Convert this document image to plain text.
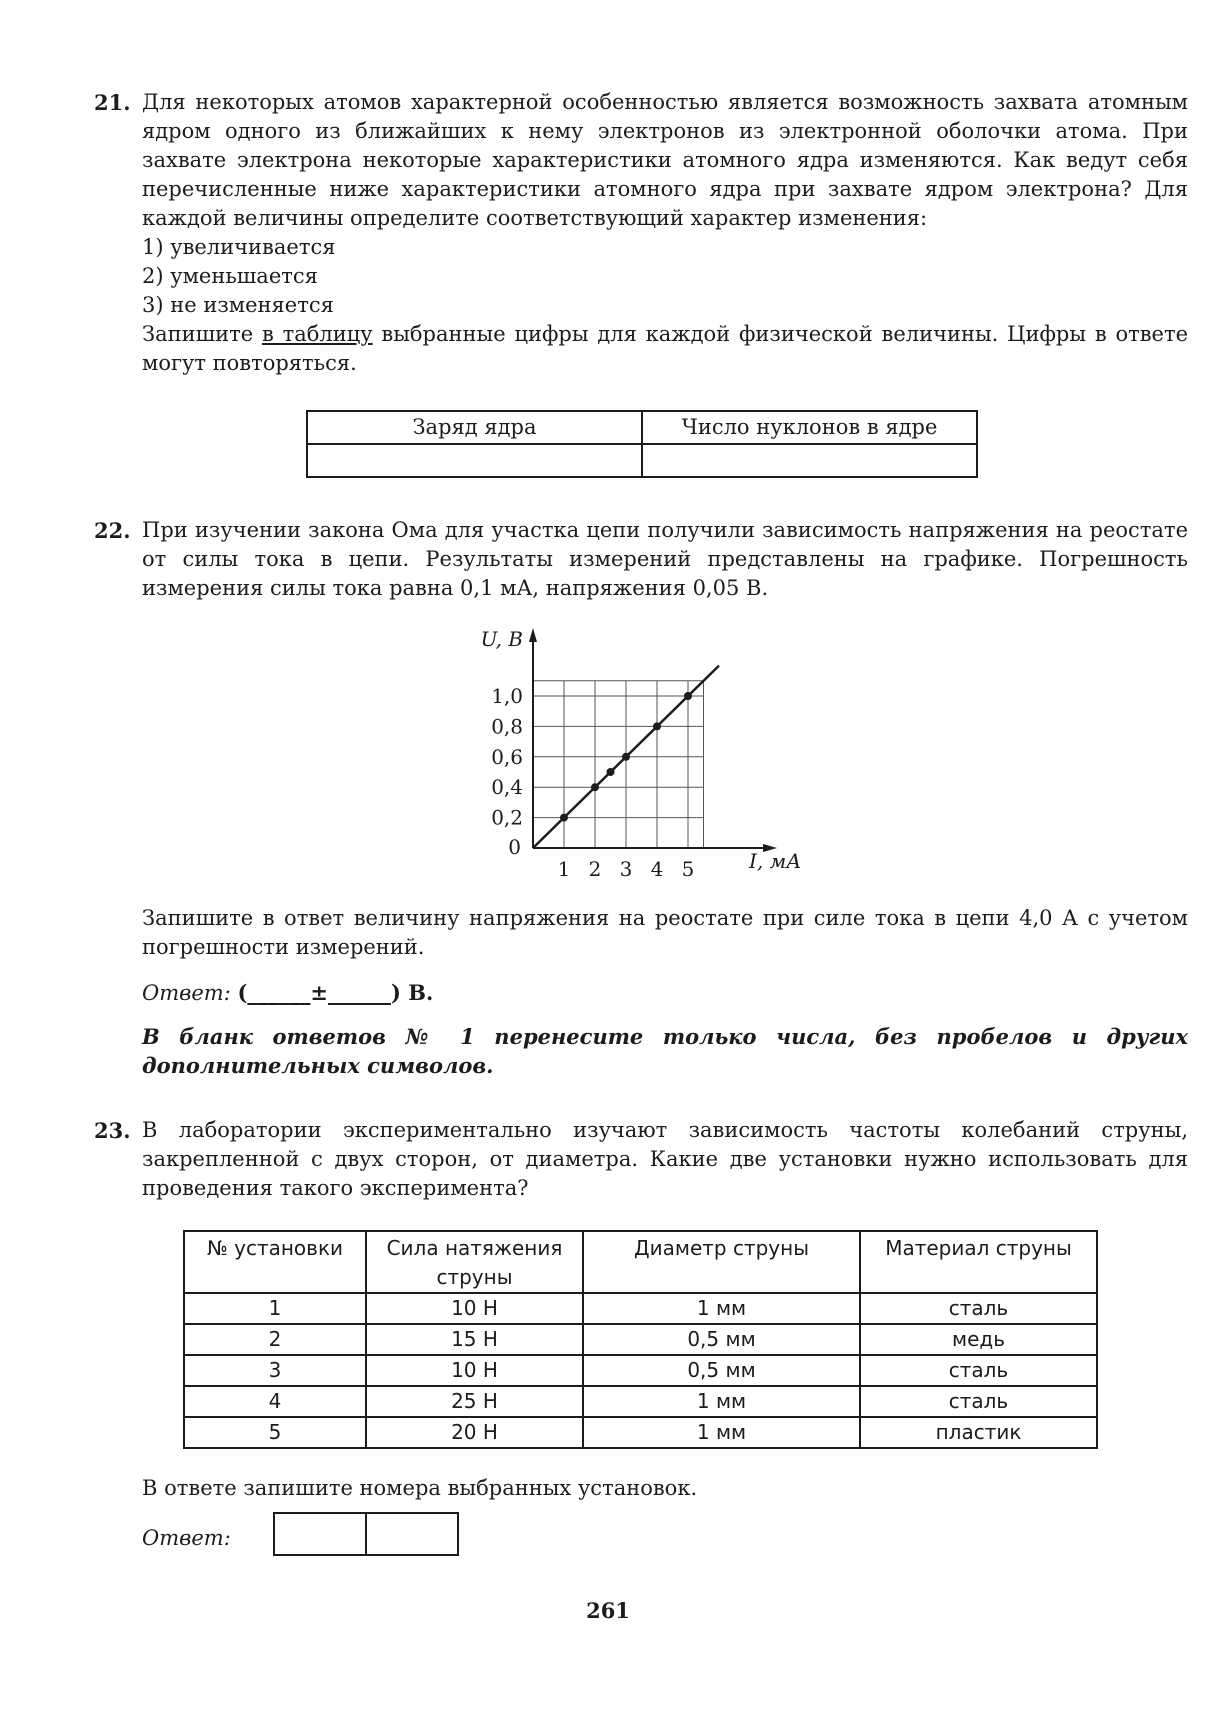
21. Для некоторых атомов характерной особенностью является возможность захвата атомным ядром одного из ближайших к нему электронов из электронной оболочки атома. При захвате электрона некоторые характеристики атомного ядра изменяются. Как ведут себя перечисленные ниже характеристики атомного ядра при захвате ядром электрона? Для каждой величины определите соответствующий характер изменения:

1) увеличивается
2) уменьшается
3) не изменяется

Запишите в таблицу выбранные цифры для каждой физической величины. Цифры в ответе могут повторяться.

Заряд ядра	Число нуклонов в ядре

22. При изучении закона Ома для участка цепи получили зависимость напряжения на реостате от силы тока в цепи. Результаты измерений представлены на графике. Погрешность измерения силы тока равна 0,1 мА, напряжения 0,05 В.

1 2 3 4 5
0,2
0,4
0,6
0,8
1,0
0
U, В
I, мА

Запишите в ответ величину напряжения на реостате при силе тока в цепи 4,0 А с учетом погрешности измерений.

Ответ: (______±______) В.

В бланк ответов № 1 перенесите только числа, без пробелов и других дополнительных символов.

23. В лаборатории экспериментально изучают зависимость частоты колебаний струны, закрепленной с двух сторон, от диаметра. Какие две установки нужно использовать для проведения такого эксперимента?

№ установки	Сила натяжения струны	Диаметр струны	Материал струны
1	10 Н	1 мм	сталь
2	15 Н	0,5 мм	медь
3	10 Н	0,5 мм	сталь
4	25 Н	1 мм	сталь
5	20 Н	1 мм	пластик

В ответе запишите номера выбранных установок.

Ответ:

261
